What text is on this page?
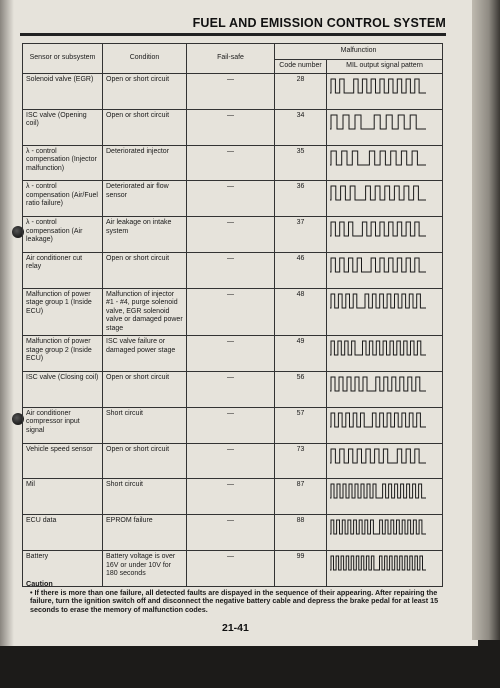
FUEL AND EMISSION CONTROL SYSTEM
Sensor or subsystem	Condition	Fail-safe	Malfunction	
			Code number	MIL output signal pattern
Solenoid valve (EGR)	Open or short circuit	—	28	

ISC valve (Opening coil)	Open or short circuit	—	34	

λ - control compensation (Injector malfunction)	Deteriorated injector	—	35	

λ - control compensation (Air/Fuel ratio failure)	Deteriorated air flow sensor	—	36	

λ - control compensation (Air leakage)	Air leakage on intake system	—	37	

Air conditioner cut relay	Open or short circuit	—	46	

Malfunction of power stage group 1 (Inside ECU)	Malfunction of injector #1 - #4, purge solenoid valve, EGR solenoid valve or damaged power stage	—	48	

Malfunction of power stage group 2 (Inside ECU)	ISC valve failure or damaged power stage	—	49	

ISC valve (Closing coil)	Open or short circuit	—	56	

Air conditioner compressor input signal	Short circuit	—	57	

Vehicle speed sensor	Open or short circuit	—	73	

Mil	Short circuit	—	87	

ECU data	EPROM failure	—	88	

Battery	Battery voltage is over 16V or under 10V for 180 seconds	—	99	
Caution
• If there is more than one failure, all detected faults are dispayed in the sequence of their appearing. After repairing the failure, turn the ignition switch off and disconnect the negative battery cable and depress the brake pedal for at least 15 seconds to erase the memory of malfunction codes.
21-41
